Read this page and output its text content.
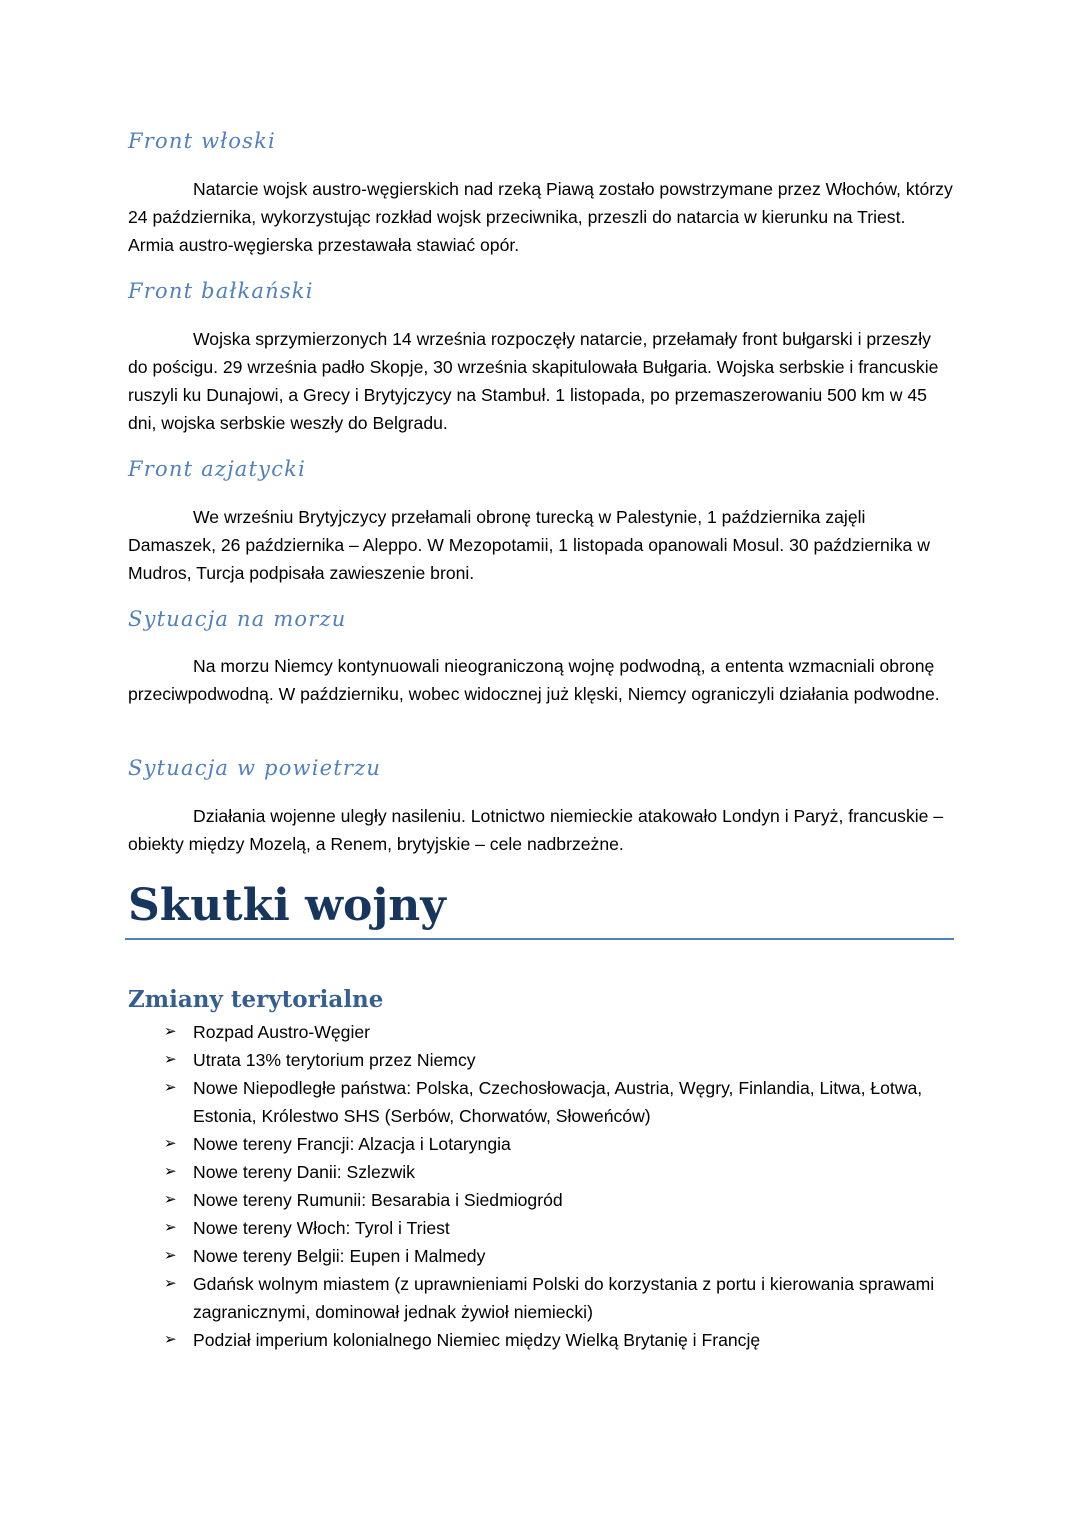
Front włoski

Natarcie wojsk austro-węgierskich nad rzeką Piawą zostało powstrzymane przez Włochów, którzy 24 października, wykorzystując rozkład wojsk przeciwnika, przeszli do natarcia w kierunku na Triest. Armia austro-węgierska przestawała stawiać opór.

Front bałkański

Wojska sprzymierzonych 14 września rozpoczęły natarcie, przełamały front bułgarski i przeszły do pościgu. 29 września padło Skopje, 30 września skapitulowała Bułgaria. Wojska serbskie i francuskie ruszyli ku Dunajowi, a Grecy i Brytyjczycy na Stambuł. 1 listopada, po przemaszerowaniu 500 km w 45 dni, wojska serbskie weszły do Belgradu.

Front azjatycki

We wrześniu Brytyjczycy przełamali obronę turecką w Palestynie, 1 października zajęli Damaszek, 26 października – Aleppo. W Mezopotamii, 1 listopada opanowali Mosul. 30 października w Mudros, Turcja podpisała zawieszenie broni.

Sytuacja na morzu

Na morzu Niemcy kontynuowali nieograniczoną wojnę podwodną, a ententa wzmacniali obronę przeciwpodwodną. W październiku, wobec widocznej już klęski, Niemcy ograniczyli działania podwodne.

Sytuacja w powietrzu

Działania wojenne uległy nasileniu. Lotnictwo niemieckie atakowało Londyn i Paryż, francuskie – obiekty między Mozelą, a Renem, brytyjskie – cele nadbrzeżne.

Skutki wojny
Zmiany terytorialne
➢ Rozpad Austro-Węgier
➢ Utrata 13% terytorium przez Niemcy
➢ Nowe Niepodległe państwa: Polska, Czechosłowacja, Austria, Węgry, Finlandia, Litwa, Łotwa, Estonia, Królestwo SHS (Serbów, Chorwatów, Słoweńców)
➢ Nowe tereny Francji: Alzacja i Lotaryngia
➢ Nowe tereny Danii: Szlezwik
➢ Nowe tereny Rumunii: Besarabia i Siedmiogród
➢ Nowe tereny Włoch: Tyrol i Triest
➢ Nowe tereny Belgii: Eupen i Malmedy
➢ Gdańsk wolnym miastem (z uprawnieniami Polski do korzystania z portu i kierowania sprawami zagranicznymi, dominował jednak żywioł niemiecki)
➢ Podział imperium kolonialnego Niemiec między Wielką Brytanię i Francję
